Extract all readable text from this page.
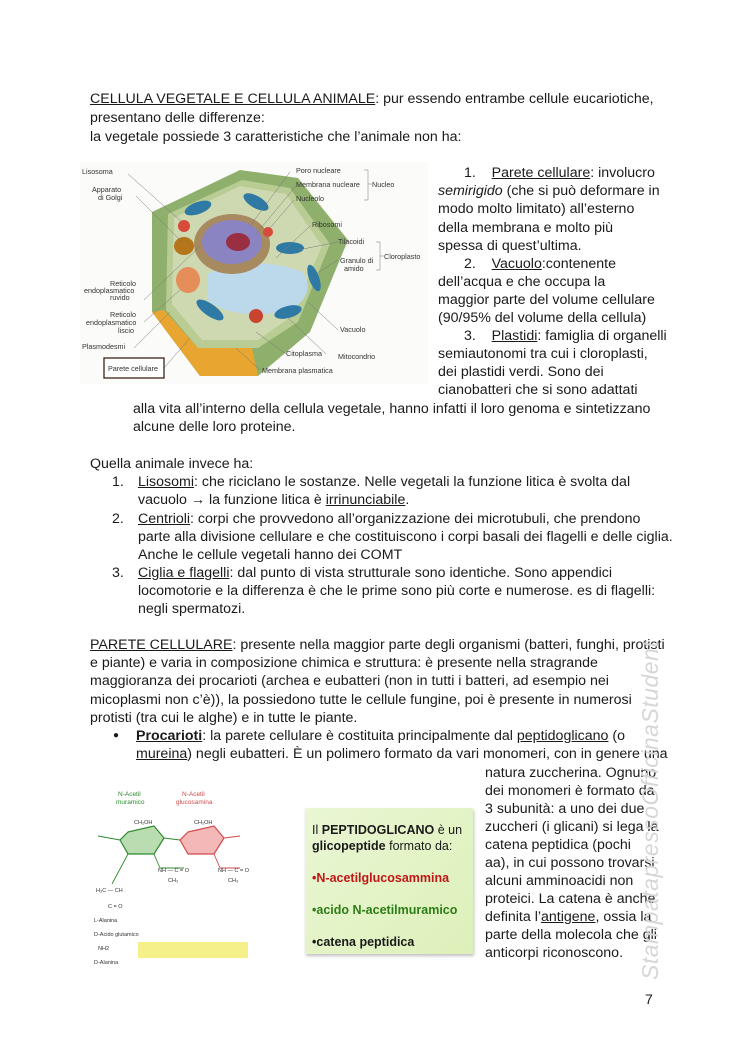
CELLULA VEGETALE E CELLULA ANIMALE: pur essendo entrambe cellule eucariotiche,
presentano delle differenze:
la vegetale possiede 3 caratteristiche che l’animale non ha:
Lisosoma
Apparato
di Golgi
Reticolo
endoplasmatico
ruvido
Reticolo
endoplasmatico
liscio
Plasmodesmi
Poro nucleare
Membrana nucleare
Nucleolo
Nucleo
Ribosomi
Tilacoidi
Granulo di
amido
Cloroplasto
Vacuolo
Citoplasma Mitocondrio
Membrana plasmatica
Parete cellulare
1. Parete cellulare: involucro
semirigido (che si può deformare in
modo molto limitato) all’esterno
della membrana e molto più
spessa di quest’ultima.
2. Vacuolo:contenente
dell’acqua e che occupa la
maggior parte del volume cellulare
(90/95% del volume della cellula)
3. Plastidi: famiglia di organelli
semiautonomi tra cui i cloroplasti,
dei plastidi verdi. Sono dei
cianobatteri che si sono adattati
alla vita all’interno della cellula vegetale, hanno infatti il loro genoma e sintetizzano
alcune delle loro proteine.
Quella animale invece ha:
1. Lisosomi: che riciclano le sostanze. Nelle vegetali la funzione litica è svolta dal
vacuolo → la funzione litica è irrinunciabile.
2. Centrioli: corpi che provvedono all’organizzazione dei microtubuli, che prendono
parte alla divisione cellulare e che costituiscono i corpi basali dei flagelli e delle ciglia.
Anche le cellule vegetali hanno dei COMT
3. Ciglia e flagelli: dal punto di vista strutturale sono identiche. Sono appendici
locomotorie e la differenza è che le prime sono più corte e numerose. es di flagelli:
negli spermatozi.
PARETE CELLULARE: presente nella maggior parte degli organismi (batteri, funghi, protisti
e piante) e varia in composizione chimica e struttura: è presente nella stragrande
maggioranza dei procarioti (archea e eubatteri (non in tutti i batteri, ad esempio nei
micoplasmi non c’è)), la possiedono tutte le cellule fungine, poi è presente in numerosi
protisti (tra cui le alghe) e in tutte le piante.
● Procarioti: la parete cellulare è costituita principalmente dal peptidoglicano (o
mureina) negli eubatteri. È un polimero formato da vari monomeri, con in genere una
natura zuccherina. Ognuno
dei monomeri è formato da
3 subunità: a uno dei due
zuccheri (i glicani) si lega la
catena peptidica (pochi
aa), in cui possono trovarsi
alcuni amminoacidi non
proteici. La catena è anche
definita l’antigene, ossia la
parte della molecola che gli
anticorpi riconoscono.
N-Acetil
muramico
N-Acetil
glucosamina
CH₂OH	CH₂OH
NH — C = O
CH₃
NH — C = O
CH₃
H₃C — CH
C = O
L-Alanina
D-Acido glutamico
NH2
D-Alanina
Il PEPTIDOGLICANO è un
glicopeptide formato da:
•N-acetilglucosammina
•acido N-acetilmuramico
•catena peptidica	StampatapressoOfficinaStudent
7
